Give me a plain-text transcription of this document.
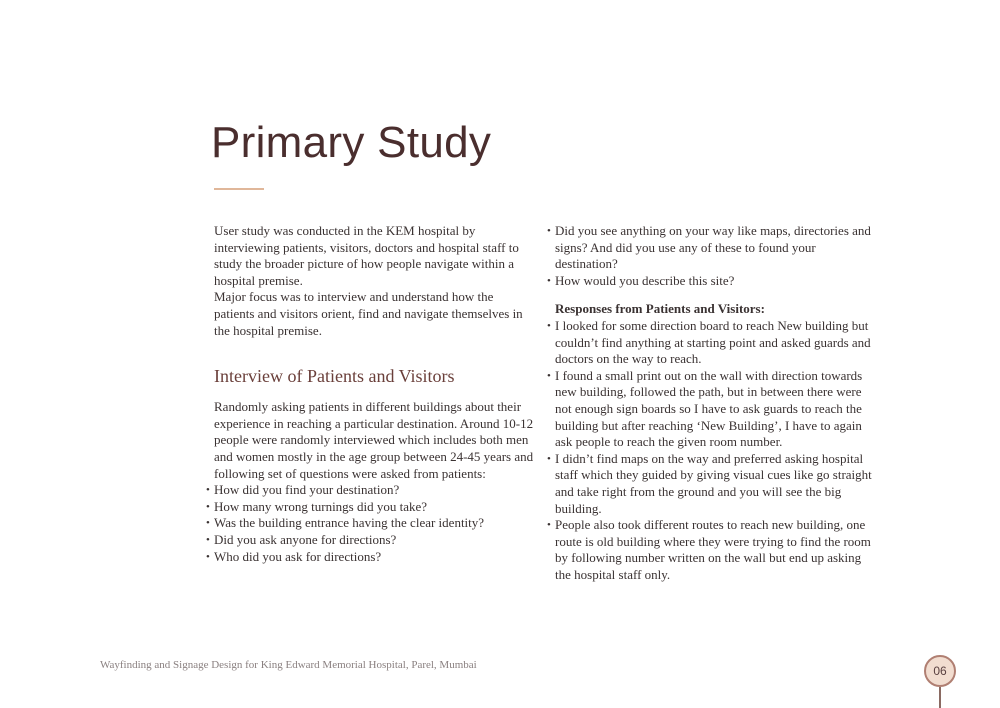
Primary Study

User study was conducted in the KEM hospital by interviewing patients, visitors, doctors and hospital staff to study the broader picture of how people navigate within a hospital premise.

Major focus was to interview and understand how the patients and visitors orient, find and navigate themselves in the hospital premise.

Interview of Patients and Visitors

Randomly asking patients in different buildings about their experience in reaching a particular destination. Around 10-12 people were randomly interviewed which includes both men and women mostly in the age group between 24-45 years and following set of questions were asked from patients:

• How did you find your destination?
• How many wrong turnings did you take?
• Was the building entrance having the clear identity?
• Did you ask anyone for directions?
• Who did you ask for directions?
• Did you see anything on your way like maps, directories and signs? And did you use any of these to found your destination?
• How would you describe this site?

Responses from Patients and Visitors:

• I looked for some direction board to reach New building but couldn’t find anything at starting point and asked guards and doctors on the way to reach.
• I found a small print out on the wall with direction towards new building, followed the path, but in between there were not enough sign boards so I have to ask guards to reach the building but after reaching ‘New Building’, I have to again ask people to reach the given room number.
• I didn’t find maps on the way and preferred asking hospital staff which they guided by giving visual cues like go straight and take right from the ground and you will see the big building.
• People also took different routes to reach new building, one route is old building where they were trying to find the room by following number written on the wall but end up asking the hospital staff only.
Wayfinding and Signage Design for King Edward Memorial Hospital, Parel, Mumbai	06
